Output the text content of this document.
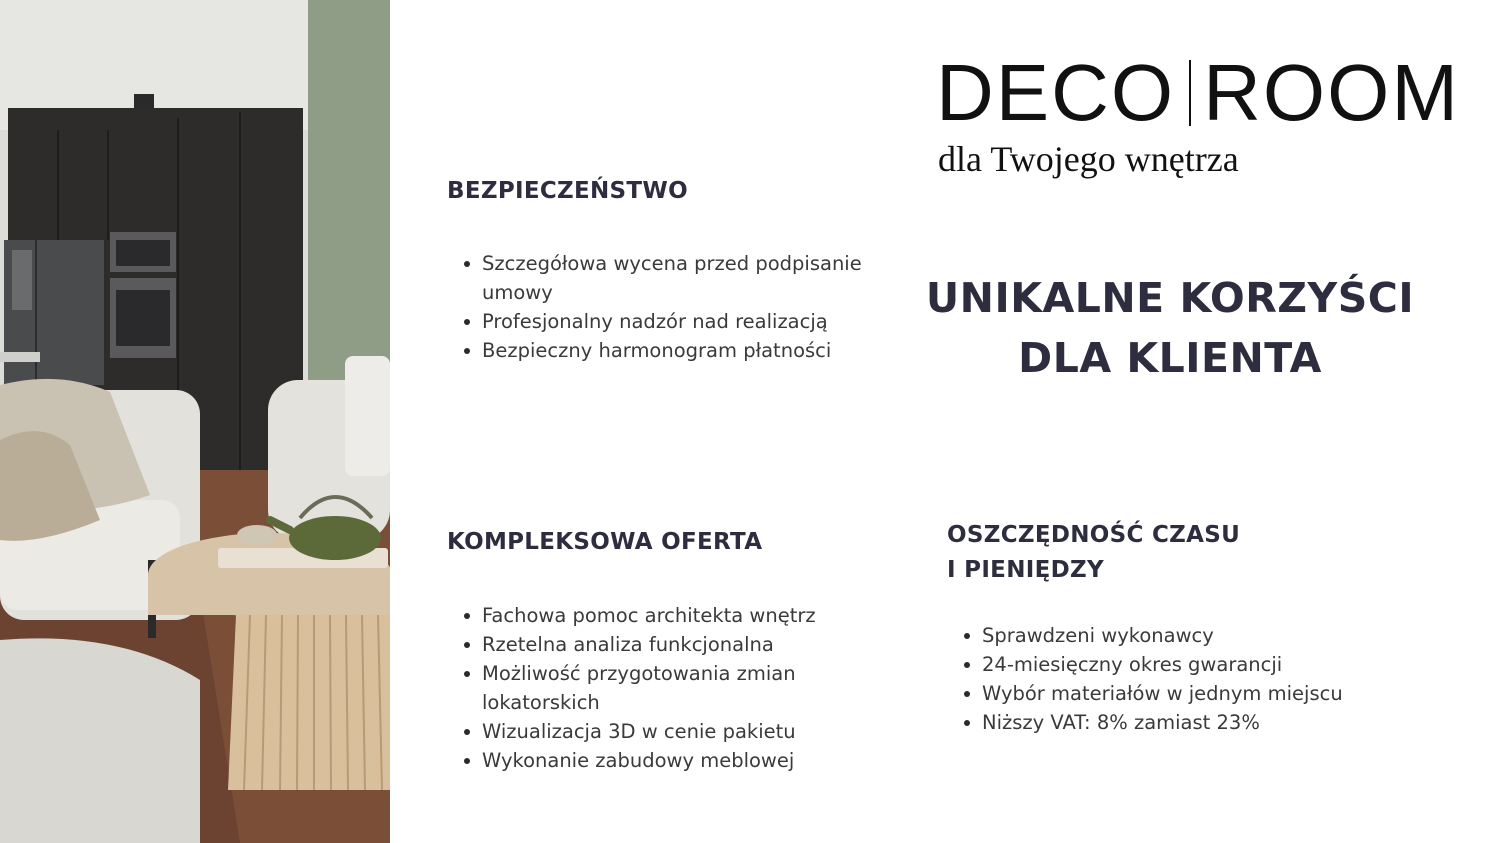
DECO ROOM
dla Twojego wnętrza
UNIKALNE KORZYŚCI
DLA KLIENTA
BEZPIECZEŃSTWO
Szczegółowa wycena przed podpisanie umowy
Profesjonalny nadzór nad realizacją
Bezpieczny harmonogram płatności
KOMPLEKSOWA OFERTA
Fachowa pomoc architekta wnętrz
Rzetelna analiza funkcjonalna
Możliwość przygotowania zmian lokatorskich
Wizualizacja 3D w cenie pakietu
Wykonanie zabudowy meblowej
OSZCZĘDNOŚĆ CZASU
I PIENIĘDZY
Sprawdzeni wykonawcy
24-miesięczny okres gwarancji
Wybór materiałów w jednym miejscu
Niższy VAT: 8% zamiast 23%
